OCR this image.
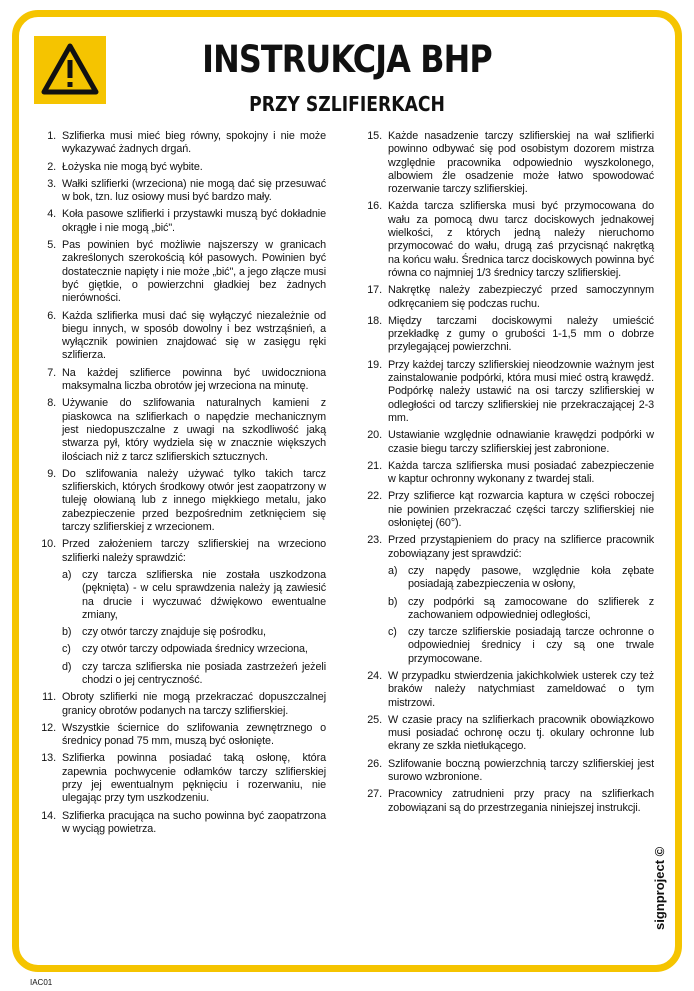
INSTRUKCJA BHP
PRZY SZLIFIERKACH
1. Szlifierka musi mieć bieg równy, spokojny i nie może wykazywać żadnych drgań.
2. Łożyska nie mogą być wybite.
3. Wałki szlifierki (wrzeciona) nie mogą dać się przesuwać w bok, tzn. luz osiowy musi być bardzo mały.
4. Koła pasowe szlifierki i przystawki muszą być dokładnie okrągłe i nie mogą „bić".
5. Pas powinien być możliwie najszerszy w granicach zakreślonych szerokością kół pasowych. Powinien być dostatecznie napięty i nie może „bić", a jego złącze musi być giętkie, o powierzchni gładkiej bez żadnych nierówności.
6. Każda szlifierka musi dać się wyłączyć niezależnie od biegu innych, w sposób dowolny i bez wstrząśnień, a wyłącznik powinien znajdować się w zasięgu ręki szlifierza.
7. Na każdej szlifierce powinna być uwidoczniona maksymalna liczba obrotów jej wrzeciona na minutę.
8. Używanie do szlifowania naturalnych kamieni z piaskowca na szlifierkach o napędzie mechanicznym jest niedopuszczalne z uwagi na szkodliwość jaką stwarza pył, który wydziela się w znacznie większych ilościach niż z tarcz szlifierskich sztucznych.
9. Do szlifowania należy używać tylko takich tarcz szlifierskich, których środkowy otwór jest zaopatrzony w tuleję ołowianą lub z innego miękkiego metalu, jako zabezpieczenie przed bezpośrednim zetknięciem się tarczy szlifierskiej z wrzecionem.
10. Przed założeniem tarczy szlifierskiej na wrzeciono szlifierki należy sprawdzić:
a) czy tarcza szlifierska nie została uszkodzona (pęknięta) - w celu sprawdzenia należy ją zawiesić na drucie i wyczuwać dźwiękowo ewentualne zmiany,
b) czy otwór tarczy znajduje się pośrodku,
c)	czy otwór tarczy odpowiada średnicy wrzeciona,
d) czy tarcza szlifierska nie posiada zastrzeżeń jeżeli chodzi o jej centryczność.
11. Obroty szlifierki nie mogą przekraczać dopuszczalnej granicy obrotów podanych na tarczy szlifierskiej.
12. Wszystkie ściernice do szlifowania zewnętrznego o średnicy ponad 75 mm, muszą być osłonięte.
13. Szlifierka powinna posiadać taką osłonę, która zapewnia pochwycenie odłamków tarczy szlifierskiej przy jej ewentualnym pęknięciu i rozerwaniu, nie ulegając przy tym uszkodzeniu.
14. Szlifierka pracująca na sucho powinna być zaopatrzona w wyciąg powietrza.
15. Każde nasadzenie tarczy szlifierskiej na wał szlifierki powinno odbywać się pod osobistym dozorem mistrza względnie pracownika odpowiednio wyszkolonego, albowiem źle osadzenie może łatwo spowodować rozerwanie tarczy szlifierskiej.
16. Każda tarcza szlifierska musi być przymocowana do wału za pomocą dwu tarcz dociskowych jednakowej wielkości, z których jedną należy nieruchomo przymocować do wału, drugą zaś przycisnąć nakrętką na końcu wału. Średnica tarcz dociskowych powinna być równa co najmniej 1/3 średnicy tarczy szlifierskiej.
17. Nakrętkę należy zabezpieczyć przed samoczynnym odkręcaniem się podczas ruchu.
18. Między tarczami dociskowymi należy umieścić przekładkę z gumy o grubości 1-1,5 mm o dobrze przylegającej powierzchni.
19. Przy każdej tarczy szlifierskiej nieodzownie ważnym jest zainstalowanie podpórki, która musi mieć ostrą krawędź. Podpórkę należy ustawić na osi tarczy szlifierskiej w odległości od tarczy szlifierskiej nie przekraczającej 2-3 mm.
20. Ustawianie względnie odnawianie krawędzi podpórki w czasie biegu tarczy szlifierskiej jest zabronione.
21. Każda tarcza szlifierska musi posiadać zabezpieczenie w kaptur ochronny wykonany z twardej stali.
22. Przy szlifierce kąt rozwarcia kaptura w części roboczej nie powinien przekraczać części tarczy szlifierskiej nie osłoniętej (60°).
23. Przed przystąpieniem do pracy na szlifierce pracownik zobowiązany jest sprawdzić:
a) czy napędy pasowe, względnie koła zębate posiadają zabezpieczenia w osłony,
b) czy podpórki są zamocowane do szlifierek z zachowaniem odpowiedniej odległości,
c)	czy tarcze szlifierskie posiadają tarcze ochronne o odpowiedniej średnicy i czy są one trwale przymocowane.
24. W przypadku stwierdzenia jakichkolwiek usterek czy też braków należy natychmiast zameldować o tym mistrzowi.
25. W czasie pracy na szlifierkach pracownik obowiązkowo musi posiadać ochronę oczu tj. okulary ochronne lub ekrany ze szkła nietłukącego.
26. Szlifowanie boczną powierzchnią tarczy szlifierskiej jest surowo wzbronione.
27. Pracownicy zatrudnieni przy pracy na szlifierkach zobowiązani są do przestrzegania niniejszej instrukcji.
signproject ©
IAC01
